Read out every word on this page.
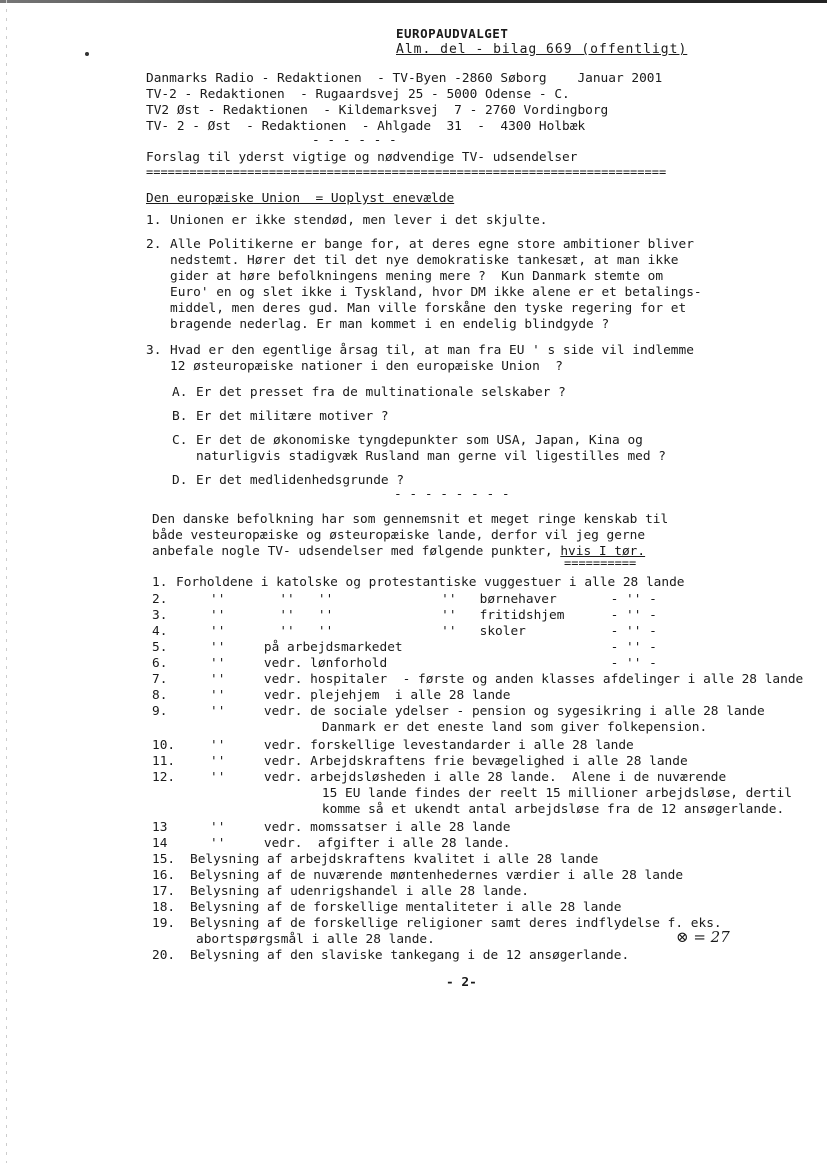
EUROPAUDVALGET
Alm. del - bilag 669 (offentligt)
Danmarks Radio - Redaktionen  - TV-Byen -2860 Søborg    Januar 2001
TV-2 - Redaktionen  - Rugaardsvej 25 - 5000 Odense - C.
TV2 Øst - Redaktionen  - Kildemarksvej  7 - 2760 Vordingborg
TV- 2 - Øst  - Redaktionen  - Ahlgade  31  -  4300 Holbæk
- - - - - -
Forslag til yderst vigtige og nødvendige TV- udsendelser
========================================================================
Den europæiske Union  = Uoplyst enevælde
1. Unionen er ikke stendød, men lever i det skjulte.
2. Alle Politikerne er bange for, at deres egne store ambitioner bliver
nedstemt. Hører det til det nye demokratiske tankesæt, at man ikke
gider at høre befolkningens mening mere ?  Kun Danmark stemte om
Euro' en og slet ikke i Tyskland, hvor DM ikke alene er et betalings-
middel, men deres gud. Man ville forskåne den tyske regering for et
bragende nederlag. Er man kommet i en endelig blindgyde ?
3. Hvad er den egentlige årsag til, at man fra EU ' s side vil indlemme
12 østeuropæiske nationer i den europæiske Union  ?
A. Er det presset fra de multinationale selskaber ?
B. Er det militære motiver ?
C. Er det de økonomiske tyngdepunkter som USA, Japan, Kina og
naturligvis stadigvæk Rusland man gerne vil ligestilles med ?
D. Er det medlidenhedsgrunde ?
- - - - - - - -
Den danske befolkning har som gennemsnit et meget ringe kenskab til
både vesteuropæiske og østeuropæiske lande, derfor vil jeg gerne
anbefale nogle TV- udsendelser med følgende punkter, hvis I tør.
==========
1. Forholdene i katolske og protestantiske vuggestuer i alle 28 lande
2.	''       ''   ''              ''   børnehaver       - '' -
3.	''       ''   ''              ''   fritidshjem      - '' -
4.	''       ''   ''              ''   skoler           - '' -
5.	''     på arbejdsmarkedet                           - '' -
6.	''     vedr. lønforhold                             - '' -
7.	''     vedr. hospitaler  - første og anden klasses afdelinger i alle 28 lande
8.	''     vedr. plejehjem  i alle 28 lande
9.	''     vedr. de sociale ydelser - pension og sygesikring i alle 28 lande
Danmark er det eneste land som giver folkepension.
10.	''     vedr. forskellige levestandarder i alle 28 lande
11.	''     vedr. Arbejdskraftens frie bevægelighed i alle 28 lande
12.	''     vedr. arbejdsløsheden i alle 28 lande.  Alene i de nuværende
15 EU lande findes der reelt 15 millioner arbejdsløse, dertil
komme så et ukendt antal arbejdsløse fra de 12 ansøgerlande.
13	''     vedr. momssatser i alle 28 lande
14	''     vedr.  afgifter i alle 28 lande.
15. Belysning af arbejdskraftens kvalitet i alle 28 lande
16. Belysning af de nuværende møntenhedernes værdier i alle 28 lande
17. Belysning af udenrigshandel i alle 28 lande.
18. Belysning af de forskellige mentaliteter i alle 28 lande
19. Belysning af de forskellige religioner samt deres indflydelse f. eks.
abortspørgsmål i alle 28 lande.
20. Belysning af den slaviske tankegang i de 12 ansøgerlande.
⊗ = 27
- 2-
